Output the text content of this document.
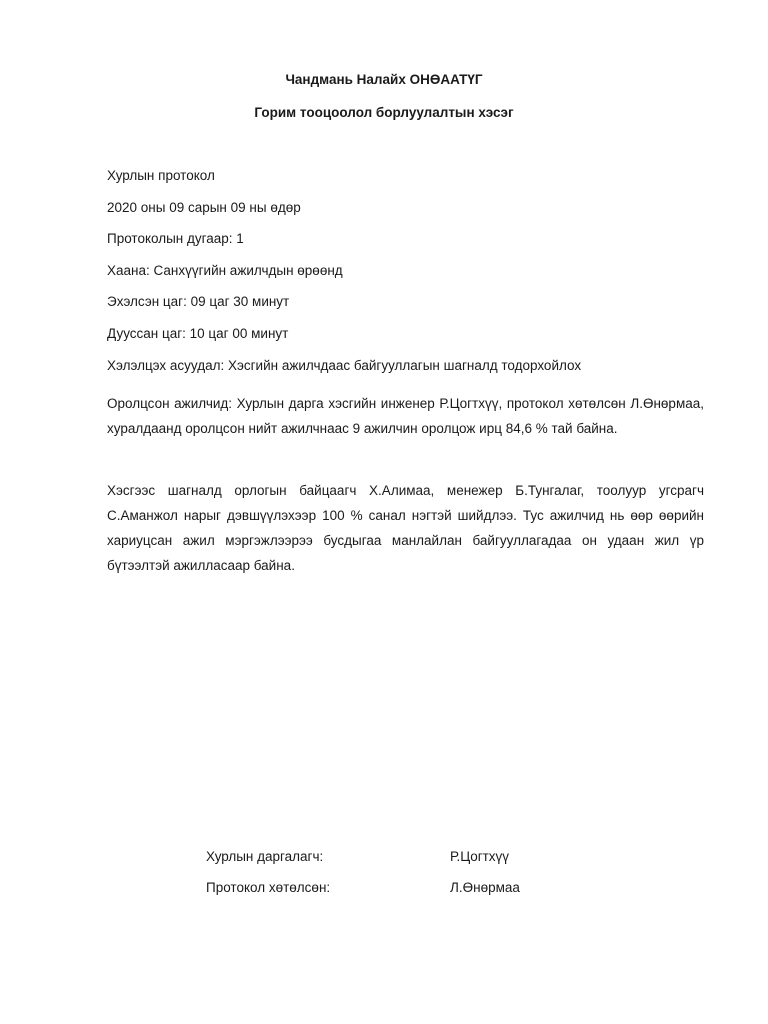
Чандмань Налайх ОНӨААТҮГ
Горим тооцоолол борлуулалтын хэсэг
Хурлын протокол
2020 оны 09 сарын 09 ны өдөр
Протоколын дугаар: 1
Хаана: Санхүүгийн ажилчдын өрөөнд
Эхэлсэн цаг: 09 цаг 30 минут
Дууссан цаг: 10 цаг 00 минут
Хэлэлцэх асуудал: Хэсгийн ажилчдаас байгууллагын шагналд тодорхойлох
Оролцсон ажилчид: Хурлын дарга хэсгийн инженер Р.Цогтхүү, протокол хөтөлсөн Л.Өнөрмаа, хуралдаанд оролцсон нийт ажилчнаас 9 ажилчин оролцож ирц 84,6 % тай байна.
Хэсгээс шагналд орлогын байцаагч Х.Алимаа, менежер Б.Тунгалаг, тоолуур угсрагч С.Аманжол нарыг дэвшүүлэхээр 100 % санал нэгтэй шийдлээ. Тус ажилчид нь өөр өөрийн хариуцсан ажил мэргэжлээрээ бусдыгаа манлайлан байгууллагадаа он удаан жил үр бүтээлтэй ажилласаар байна.
Хурлын даргалагч:	Р.Цогтхүү
Протокол хөтөлсөн:	Л.Өнөрмаа
